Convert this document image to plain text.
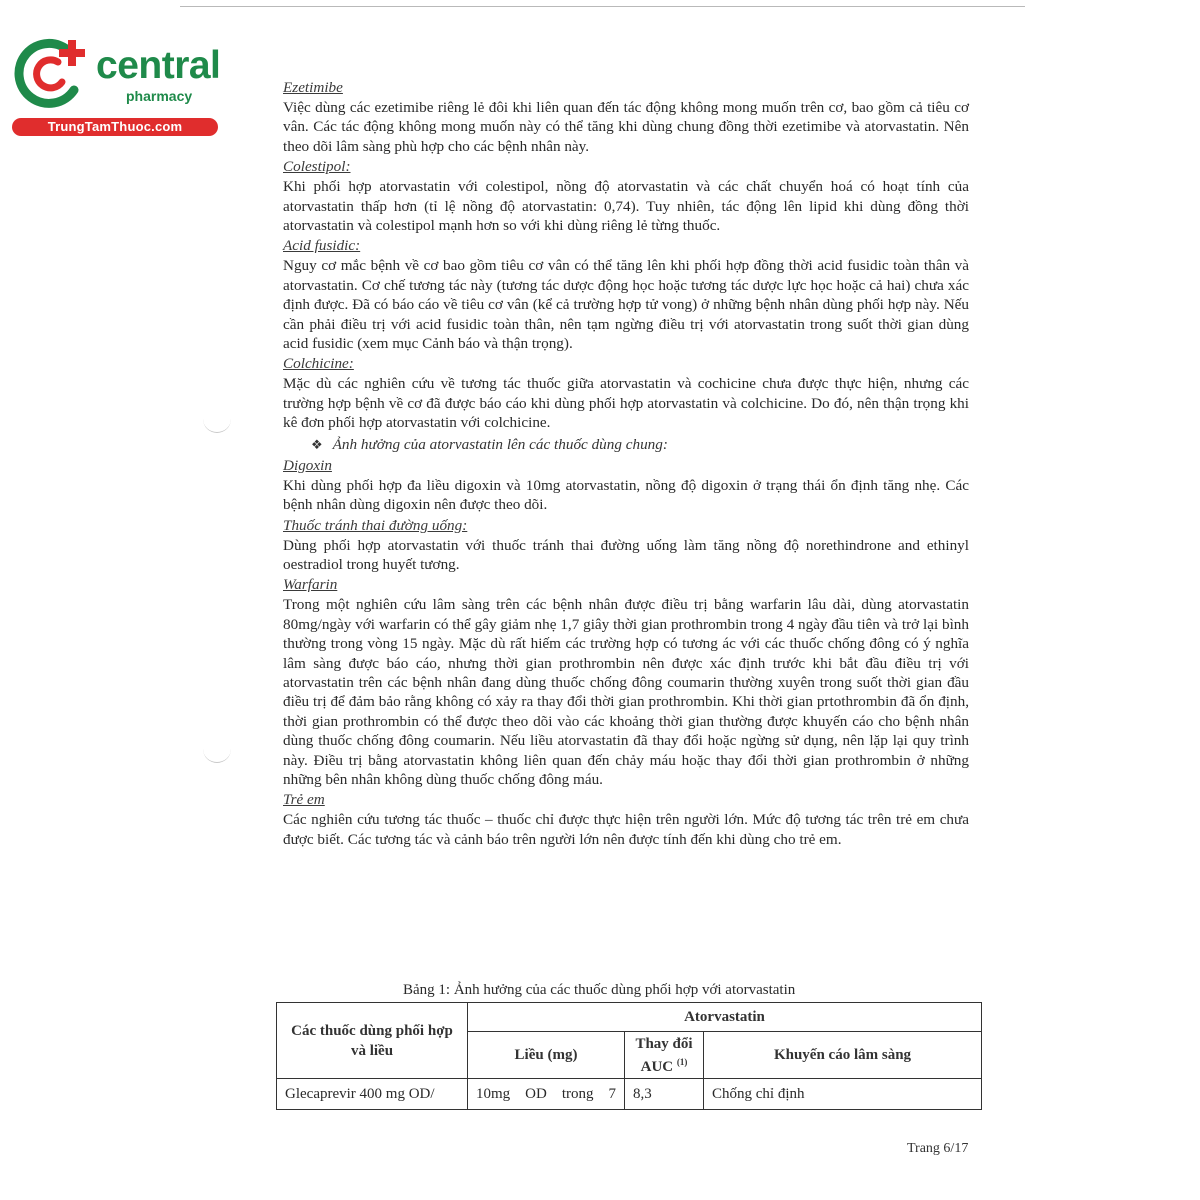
central
pharmacy
TrungTamThuoc.com
Ezetimibe

Việc dùng các ezetimibe riêng lẻ đôi khi liên quan đến tác động không mong muốn trên cơ, bao gồm cả tiêu cơ vân. Các tác động không mong muốn này có thể tăng khi dùng chung đồng thời ezetimibe và atorvastatin. Nên theo dõi lâm sàng phù hợp cho các bệnh nhân này.

Colestipol:

Khi phối hợp atorvastatin với colestipol, nồng độ atorvastatin và các chất chuyển hoá có hoạt tính của atorvastatin thấp hơn (tỉ lệ nồng độ atorvastatin: 0,74). Tuy nhiên, tác động lên lipid khi dùng đồng thời atorvastatin và colestipol mạnh hơn so với khi dùng riêng lẻ từng thuốc.

Acid fusidic:

Nguy cơ mắc bệnh về cơ bao gồm tiêu cơ vân có thể tăng lên khi phối hợp đồng thời acid fusidic toàn thân và atorvastatin. Cơ chế tương tác này (tương tác dược động học hoặc tương tác dược lực học hoặc cả hai) chưa xác định được. Đã có báo cáo về tiêu cơ vân (kể cả trường hợp tử vong) ở những bệnh nhân dùng phối hợp này. Nếu cần phải điều trị với acid fusidic toàn thân, nên tạm ngừng điều trị với atorvastatin trong suốt thời gian dùng acid fusidic (xem mục Cảnh báo và thận trọng).

Colchicine:

Mặc dù các nghiên cứu về tương tác thuốc giữa atorvastatin và cochicine chưa được thực hiện, nhưng các trường hợp bệnh về cơ đã được báo cáo khi dùng phối hợp atorvastatin và colchicine. Do đó, nên thận trọng khi kê đơn phối hợp atorvastatin với colchicine.

❖ Ảnh hưởng của atorvastatin lên các thuốc dùng chung:
Digoxin

Khi dùng phối hợp đa liều digoxin và 10mg atorvastatin, nồng độ digoxin ở trạng thái ổn định tăng nhẹ. Các bệnh nhân dùng digoxin nên được theo dõi.

Thuốc tránh thai đường uống:

Dùng phối hợp atorvastatin với thuốc tránh thai đường uống làm tăng nồng độ norethindrone and ethinyl oestradiol trong huyết tương.

Warfarin

Trong một nghiên cứu lâm sàng trên các bệnh nhân được điều trị bằng warfarin lâu dài, dùng atorvastatin 80mg/ngày với warfarin có thể gây giảm nhẹ 1,7 giây thời gian prothrombin trong 4 ngày đầu tiên và trở lại bình thường trong vòng 15 ngày. Mặc dù rất hiếm các trường hợp có tương ác với các thuốc chống đông có ý nghĩa lâm sàng được báo cáo, nhưng thời gian prothrombin nên được xác định trước khi bắt đầu điều trị với atorvastatin trên các bệnh nhân đang dùng thuốc chống đông coumarin thường xuyên trong suốt thời gian đầu điều trị để đảm bảo rằng không có xảy ra thay đổi thời gian prothrombin. Khi thời gian prtothrombin đã ổn định, thời gian prothrombin có thể được theo dõi vào các khoảng thời gian thường được khuyến cáo cho bệnh nhân dùng thuốc chống đông coumarin. Nếu liều atorvastatin đã thay đổi hoặc ngừng sử dụng, nên lặp lại quy trình này. Điều trị bằng atorvastatin không liên quan đến chảy máu hoặc thay đổi thời gian prothrombin ở những những bên nhân không dùng thuốc chống đông máu.

Trẻ em

Các nghiên cứu tương tác thuốc – thuốc chỉ được thực hiện trên người lớn. Mức độ tương tác trên trẻ em chưa được biết. Các tương tác và cảnh báo trên người lớn nên được tính đến khi dùng cho trẻ em.

Bảng 1: Ảnh hưởng của các thuốc dùng phối hợp với atorvastatin
Các thuốc dùng phối hợp và liều	Atorvastatin		
	Liều (mg)	Thay đổi AUC $^{(1)}$	Khuyến cáo lâm sàng
Glecaprevir 400 mg OD/	10mg OD trong 7	8,3	Chống chỉ định
Trang 6/17
